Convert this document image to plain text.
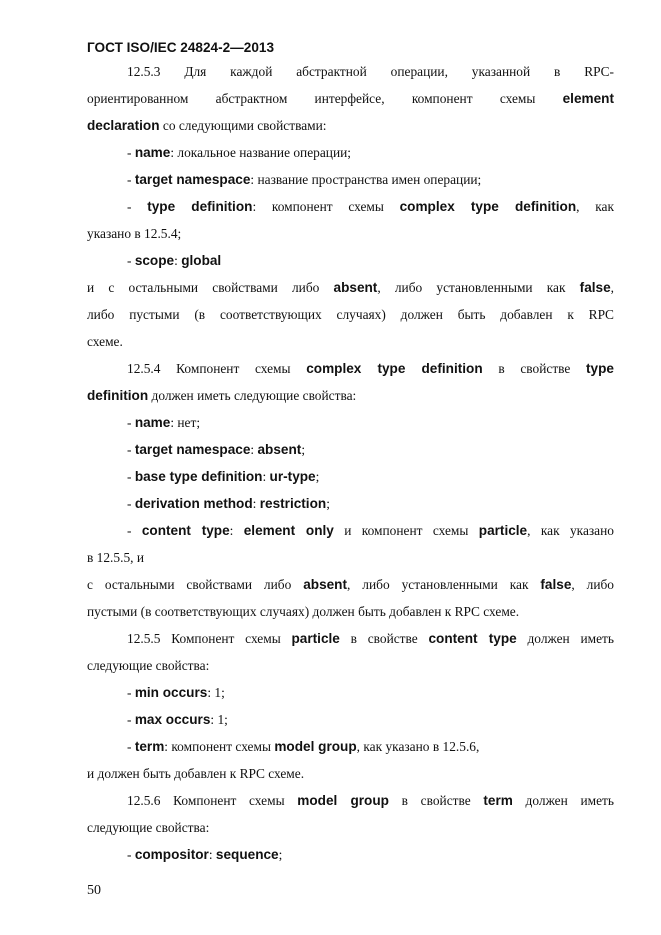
ГОСТ ISO/IEC 24824-2—2013
12.5.3 Для каждой абстрактной операции, указанной в RPC-
ориентированном абстрактном интерфейсе, компонент схемы element
declaration со следующими свойствами:
- name: локальное название операции;
- target namespace: название пространства имен операции;
- type definition: компонент схемы complex type definition, как
указано в 12.5.4;
- scope: global
и с остальными свойствами либо absent, либо установленными как false,
либо пустыми (в соответствующих случаях) должен быть добавлен к RPC
схеме.
12.5.4 Компонент схемы complex type definition в свойстве type
definition должен иметь следующие свойства:
- name: нет;
- target namespace: absent;
- base type definition: ur-type;
- derivation method: restriction;
- content type: element only и компонент схемы particle, как указано
в 12.5.5, и
с остальными свойствами либо absent, либо установленными как false, либо
пустыми (в соответствующих случаях) должен быть добавлен к RPC схеме.
12.5.5 Компонент схемы particle в свойстве content type должен иметь
следующие свойства:
- min occurs: 1;
- max occurs: 1;
- term: компонент схемы model group, как указано в 12.5.6,
и должен быть добавлен к RPC схеме.
12.5.6 Компонент схемы model group в свойстве term должен иметь
следующие свойства:
- compositor: sequence;
50
